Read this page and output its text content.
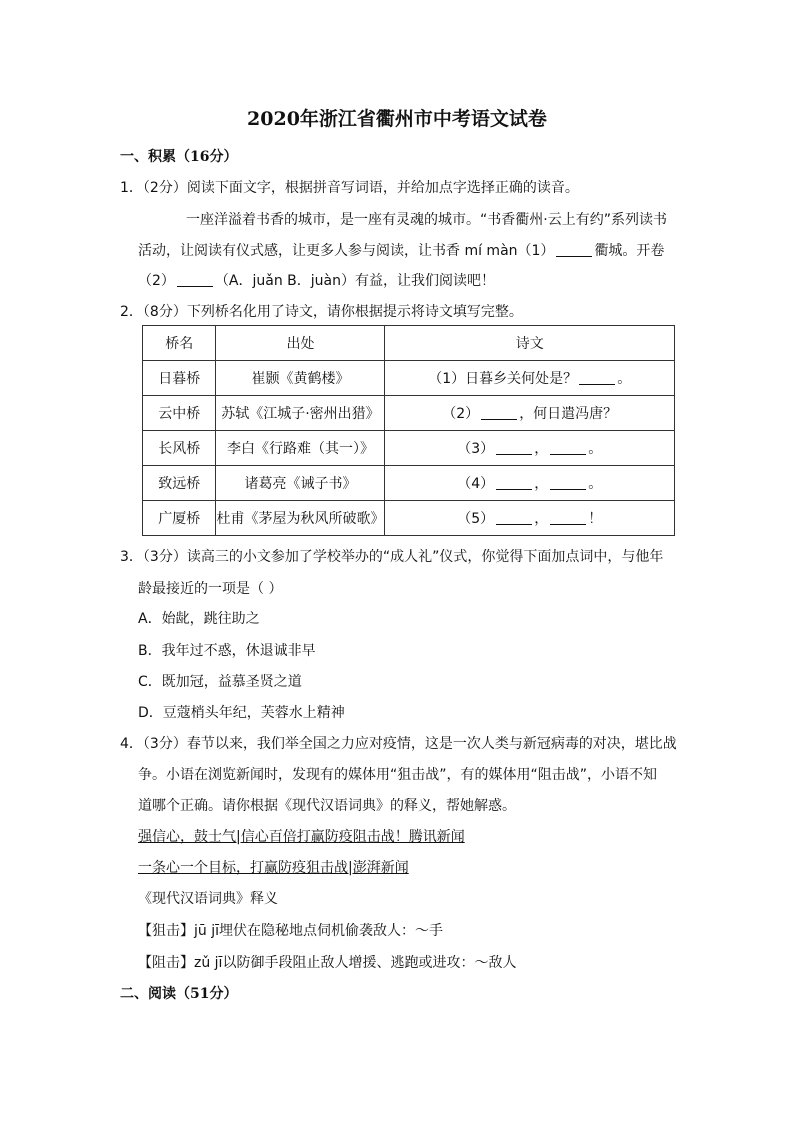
2020年浙江省衢州市中考语文试卷
一、积累（16分）
1．（2分）阅读下面文字，根据拼音写词语，并给加点字选择正确的读音。
一座洋溢着书香的城市，是一座有灵魂的城市。“书香衢州·云上有约”系列读书
活动，让阅读有仪式感，让更多人参与阅读，让书香 mí màn（1）	衢城。开卷
（2）	（A．juǎn B．juàn）有益，让我们阅读吧！
2．（8分）下列桥名化用了诗文，请你根据提示将诗文填写完整。
桥名	出处	诗文
日暮桥	崔颢《黄鹤楼》	（1）日暮乡关何处是？ 。
云中桥	苏轼《江城子·密州出猎》	（2） ，何日遣冯唐？
长风桥	李白《行路难（其一）》	（3） ， 。
致远桥	诸葛亮《诫子书》	（4） ， 。
广厦桥	杜甫《茅屋为秋风所破歌》	（5） ， ！
3．（3分）读高三的小文参加了学校举办的“成人礼”仪式，你觉得下面加点词中，与他年
龄最接近的一项是（ ）
A．始龀，跳往助之
B．我年过不惑，休退诚非早
C．既加冠，益慕圣贤之道
D．豆蔻梢头年纪，芙蓉水上精神
4．（3分）春节以来，我们举全国之力应对疫情，这是一次人类与新冠病毒的对决，堪比战
争。小语在浏览新闻时，发现有的媒体用“狙击战”，有的媒体用“阻击战”，小语不知
道哪个正确。请你根据《现代汉语词典》的释义，帮她解惑。
强信心，鼓士气|信心百倍打赢防疫阻击战！腾讯新闻
一条心一个目标，打赢防疫狙击战|澎湃新闻
《现代汉语词典》释义
【狙击】jū jī埋伏在隐秘地点伺机偷袭敌人：～手
【阻击】zǔ jī以防御手段阻止敌人增援、逃跑或进攻：～敌人
二、阅读（51分）
